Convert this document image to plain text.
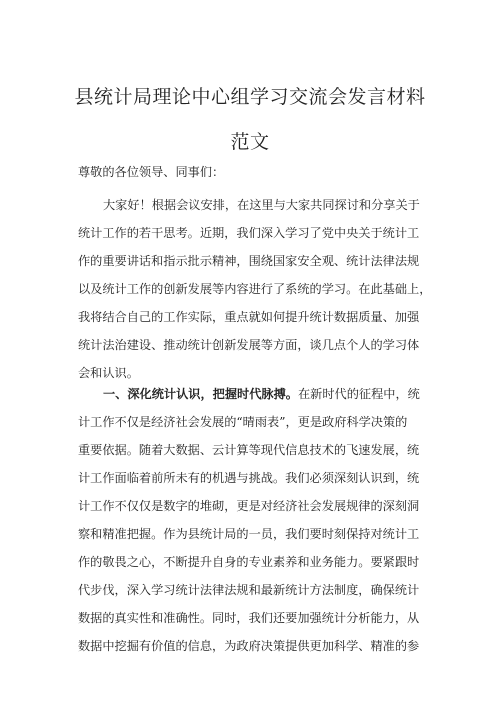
县统计局理论中心组学习交流会发言材料
范文
尊敬的各位领导、同事们：
大家好！根据会议安排，在这里与大家共同探讨和分享关于
统计工作的若干思考。近期，我们深入学习了党中央关于统计工
作的重要讲话和指示批示精神，围绕国家安全观、统计法律法规
以及统计工作的创新发展等内容进行了系统的学习。在此基础上，
我将结合自己的工作实际，重点就如何提升统计数据质量、加强
统计法治建设、推动统计创新发展等方面，谈几点个人的学习体
会和认识。
一、深化统计认识，把握时代脉搏。在新时代的征程中，统
计工作不仅是经济社会发展的“晴雨表”，更是政府科学决策的
重要依据。随着大数据、云计算等现代信息技术的飞速发展，统
计工作面临着前所未有的机遇与挑战。我们必须深刻认识到，统
计工作不仅仅是数字的堆砌，更是对经济社会发展规律的深刻洞
察和精准把握。作为县统计局的一员，我们要时刻保持对统计工
作的敬畏之心，不断提升自身的专业素养和业务能力。要紧跟时
代步伐，深入学习统计法律法规和最新统计方法制度，确保统计
数据的真实性和准确性。同时，我们还要加强统计分析能力，从
数据中挖掘有价值的信息，为政府决策提供更加科学、精准的参
